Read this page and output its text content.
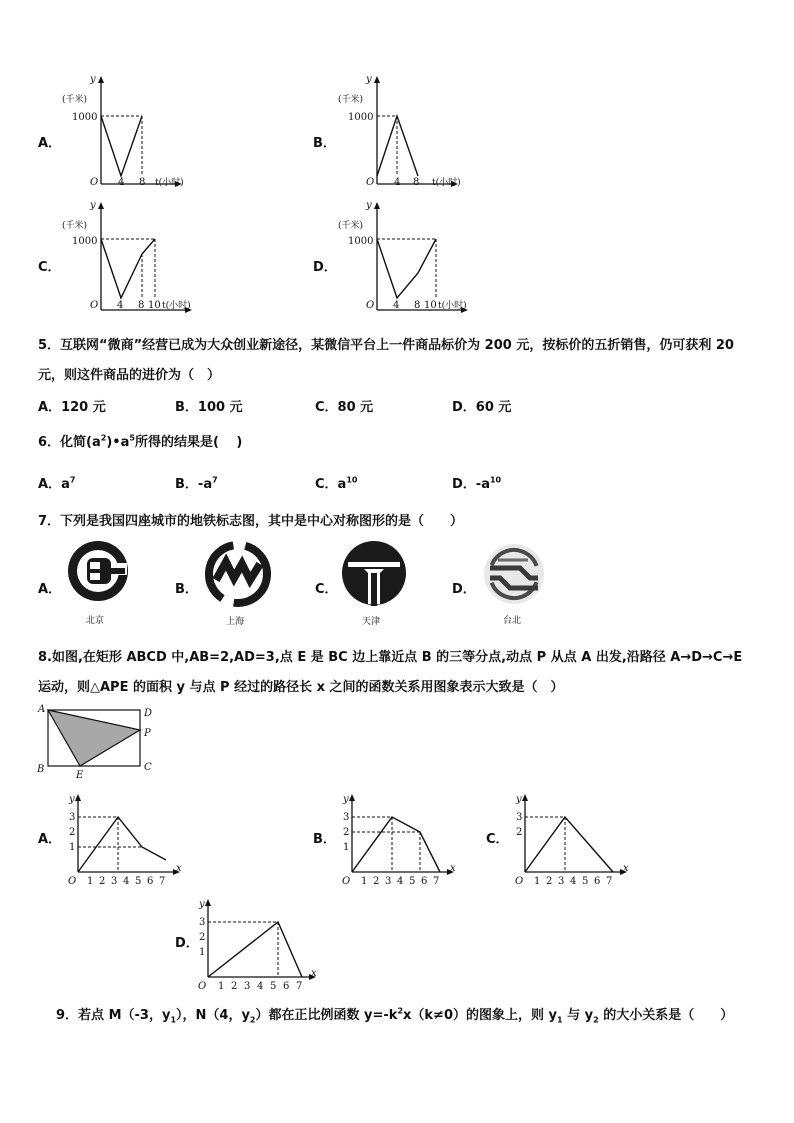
A．
y
(千米)
1000
O 4 8 t(小时)
B．
y
(千米)
1000
O 4 8 t(小时)
C．
y
(千米)
1000
O 4 8 10 t(小时)
D．
y
(千米)
1000
O 4 8 10 t(小时)
5．互联网“微商”经营已成为大众创业新途径，某微信平台上一件商品标价为 200 元，按标价的五折销售，仍可获利 20
元，则这件商品的进价为（　）
A．120 元	B．100 元	C．80 元	D．60 元
6．化简$(a^2)•a^5$所得的结果是(　 )
A．$a^7$	B．$-a^7$	C．$a^{10}$	D．$-a^{10}$
7．下列是我国四座城市的地铁标志图，其中是中心对称图形的是（　　）
A．
北京
B．
上海
C．
天津
D．
台北
8.如图,在矩形 ABCD 中,AB=2,AD=3,点 E 是 BC 边上靠近点 B 的三等分点,动点 P 从点 A 出发,沿路径 A→D→C→E
运动，则△APE 的面积 y 与点 P 经过的路径长 x 之间的函数关系用图象表示大致是（　）
A	D
P
C
B
E
A．
y
x
O
1
2
3
1 2 3 4 5 6 7
B．
y
x
O
1
2
3
1 2 3 4 5 6 7
C．
y
x
O
2
3
1 2 3 4 5 6 7
D．
y
x
O
1
2
3
1 2 3 4 5 6 7
9．若点 M（-3，$y_1$），N（4，$y_2$）都在正比例函数 $y=-k^2x(k\ne 0)$的图象上，则 $y_1$ 与 $y_2$ 的大小关系是（　　）
